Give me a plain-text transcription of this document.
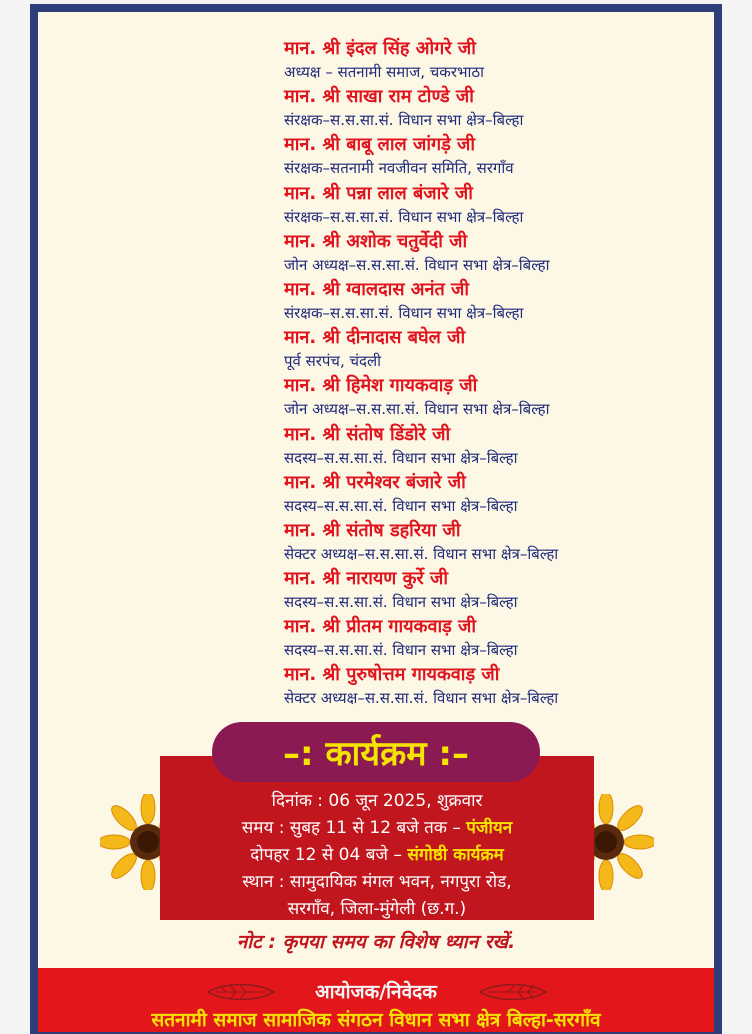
मान. श्री इंदल सिंह ओगरे जी
अध्यक्ष – सतनामी समाज, चकरभाठा
मान. श्री साखा राम टोण्डे जी
संरक्षक–स.स.सा.सं. विधान सभा क्षेत्र–बिल्हा
मान. श्री बाबू लाल जांगड़े जी
संरक्षक–सतनामी नवजीवन समिति, सरगाँव
मान. श्री पन्ना लाल बंजारे जी
संरक्षक–स.स.सा.सं. विधान सभा क्षेत्र–बिल्हा
मान. श्री अशोक चतुर्वेदी जी
जोन अध्यक्ष–स.स.सा.सं. विधान सभा क्षेत्र–बिल्हा
मान. श्री ग्वालदास अनंत जी
संरक्षक–स.स.सा.सं. विधान सभा क्षेत्र–बिल्हा
मान. श्री दीनादास बघेल जी
पूर्व सरपंच, चंदली
मान. श्री हिमेश गायकवाड़ जी
जोन अध्यक्ष–स.स.सा.सं. विधान सभा क्षेत्र–बिल्हा
मान. श्री संतोष डिंडोरे जी
सदस्य–स.स.सा.सं. विधान सभा क्षेत्र–बिल्हा
मान. श्री परमेश्वर बंजारे जी
सदस्य–स.स.सा.सं. विधान सभा क्षेत्र–बिल्हा
मान. श्री संतोष डहरिया जी
सेक्टर अध्यक्ष–स.स.सा.सं. विधान सभा क्षेत्र–बिल्हा
मान. श्री नारायण कुर्रे जी
सदस्य–स.स.सा.सं. विधान सभा क्षेत्र–बिल्हा
मान. श्री प्रीतम गायकवाड़ जी
सदस्य–स.स.सा.सं. विधान सभा क्षेत्र–बिल्हा
मान. श्री पुरुषोत्तम गायकवाड़ जी
सेक्टर अध्यक्ष–स.स.सा.सं. विधान सभा क्षेत्र–बिल्हा
–: कार्यक्रम :–
दिनांक : 06 जून 2025, शुक्रवार
समय : सुबह 11 से 12 बजे तक – पंजीयन
दोपहर 12 से 04 बजे – संगोष्ठी कार्यक्रम
स्थान : सामुदायिक मंगल भवन, नगपुरा रोड,
सरगाँव, जिला-मुंगेली (छ.ग.)
नोट : कृपया समय का विशेष ध्यान रखें.
आयोजक/निवेदक
सतनामी समाज सामाजिक संगठन विधान सभा क्षेत्र बिल्हा-सरगाँव
